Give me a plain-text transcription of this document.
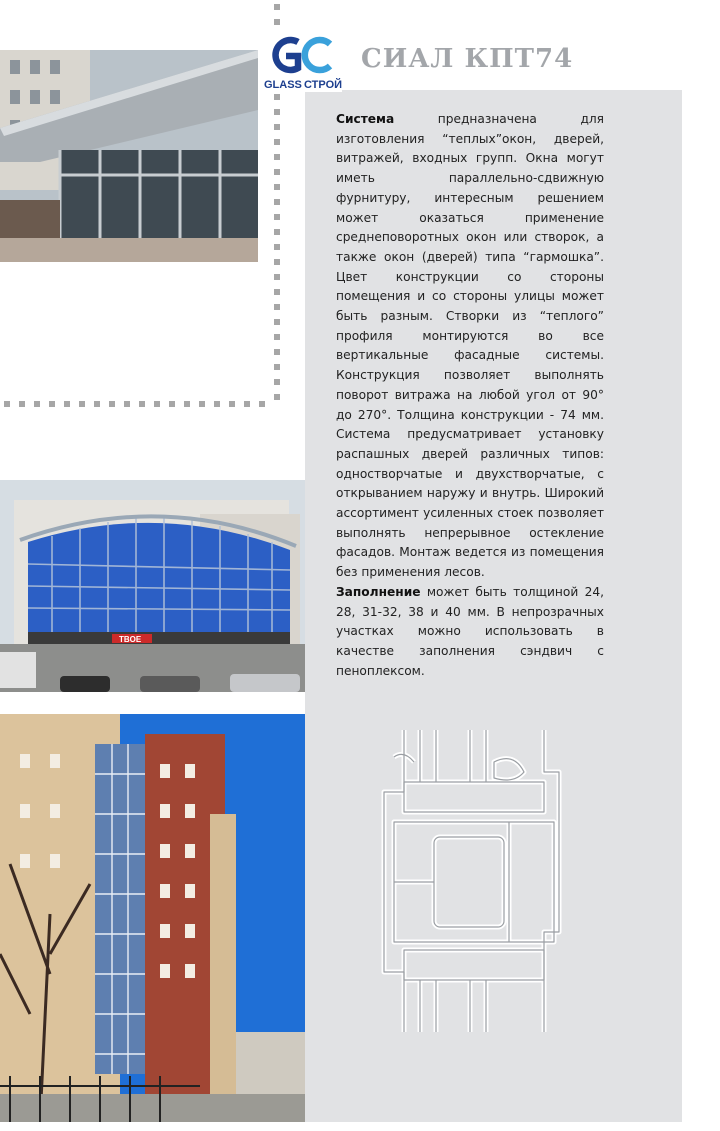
GLASS СТРОЙ
СИАЛ КПТ74

Система предназначена для изготовления “теплых”окон, дверей, витражей, входных групп. Окна могут иметь параллельно-сдвижную фурнитуру, интересным решением может оказаться применение среднеповоротных окон или створок, а также окон (дверей) типа “гармошка”. Цвет конструкции со стороны помещения и со стороны улицы может быть разным. Створки из “теплого” профиля монтируются во все вертикальные фасадные системы. Конструкция позволяет выполнять поворот витража на любой угол от 90° до 270°. Толщина конструкции - 74 мм. Система предусматривает установку распашных дверей различных типов: одностворчатые и двухстворчатые, с открыванием наружу и внутрь. Широкий ассортимент усиленных стоек позволяет выполнять непрерывное остекление фасадов. Монтаж ведется из помещения без применения лесов.

Заполнение может быть толщиной 24, 28, 31-32, 38 и 40 мм. В непрозрачных участках можно использовать в качестве заполнения сэндвич с пеноплексом.

TBOE
